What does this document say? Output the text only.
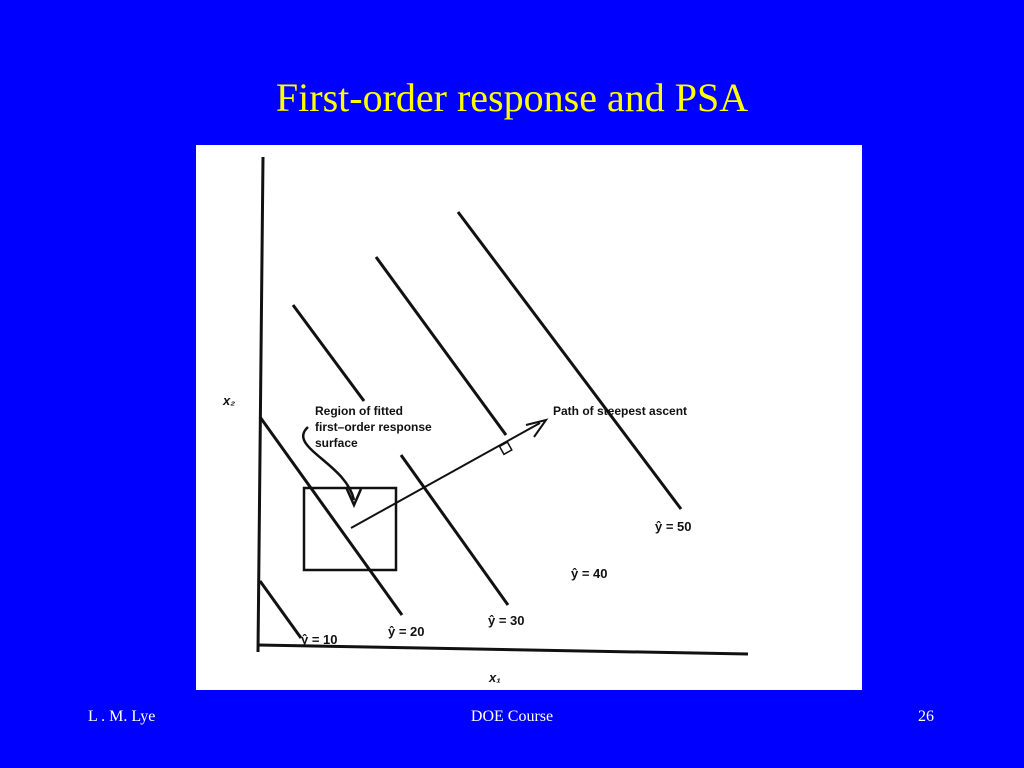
First-order response and PSA
x₂
x₁
Region of fitted
first–order response
surface
Path of steepest ascent
ŷ = 10
ŷ = 20
ŷ = 30
ŷ = 40
ŷ = 50
L . M. Lye	DOE Course	26
